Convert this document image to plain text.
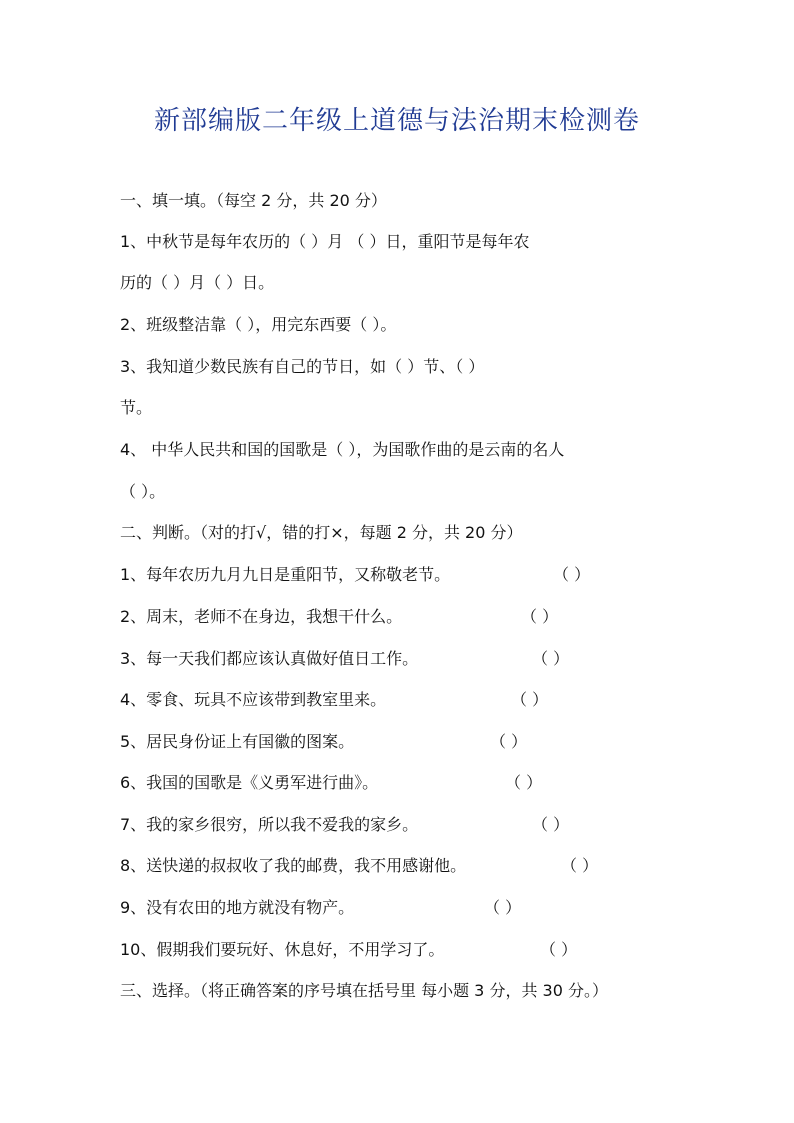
新部编版二年级上道德与法治期末检测卷
一、填一填。（每空 2 分，共 20 分）
1、中秋节是每年农历的（ ）月 （ ）日，重阳节是每年农
历的（ ）月（ ）日。
2、班级整洁靠（ ），用完东西要（ ）。
3、我知道少数民族有自己的节日，如（ ）节、（ ）
节。
4、 中华人民共和国的国歌是（ ），为国歌作曲的是云南的名人
（ ）。
二、判断。（对的打√，错的打×，每题 2 分，共 20 分）
1、每年农历九月九日是重阳节，又称敬老节。	（ ）
2、周末，老师不在身边，我想干什么。	（ ）
3、每一天我们都应该认真做好值日工作。	（ ）
4、零食、玩具不应该带到教室里来。	（ ）
5、居民身份证上有国徽的图案。	（ ）
6、我国的国歌是《义勇军进行曲》。	（ ）
7、我的家乡很穷，所以我不爱我的家乡。	（ ）
8、送快递的叔叔收了我的邮费，我不用感谢他。	（ ）
9、没有农田的地方就没有物产。	（ ）
10、假期我们要玩好、休息好，不用学习了。	（ ）
三、选择。（将正确答案的序号填在括号里 每小题 3 分，共 30 分。）
